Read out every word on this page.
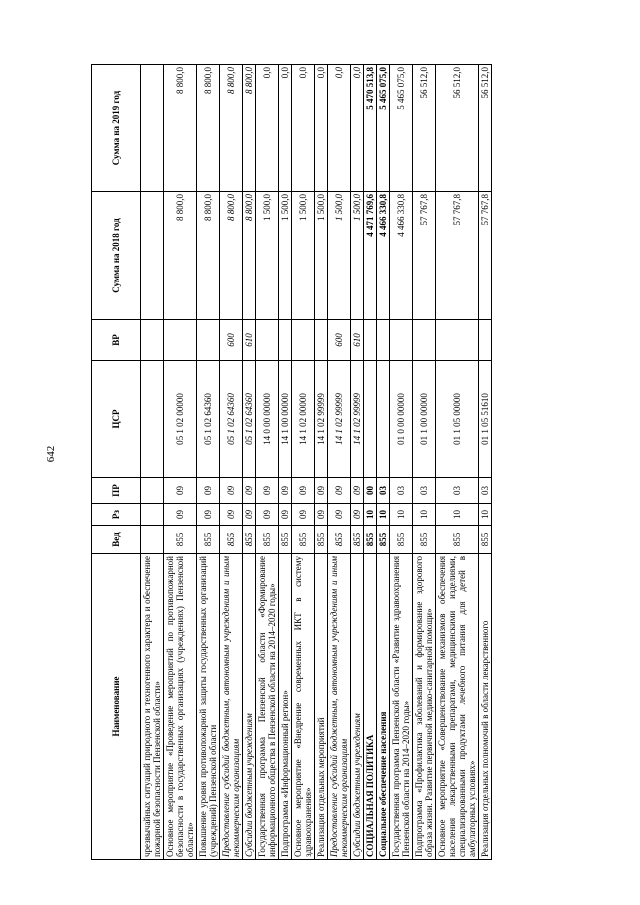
642
Наименование	Вед	Рз	ПР	ЦСР	ВР	Сумма на 2018 год	Сумма на 2019 год
чрезвычайных ситуаций природного и техногенного характера и обеспечение пожарной безопасности Пензенской области»							
Основное мероприятие «Проведение мероприятий по противопожарной безопасности в государственных организациях (учреждениях) Пензенской области»	855	09	09	05 1 02 00000		8 800,0	8 800,0
Повышение уровня противопожарной защиты государственных организаций (учреждений) Пензенской области	855	09	09	05 1 02 64360		8 800,0	8 800,0
Предоставление субсидий бюджетным, автономным учреждениям и иным некоммерческим организациям	855	09	09	05 1 02 64360	600	8 800,0	8 800,0
Субсидии бюджетным учреждениям	855	09	09	05 1 02 64360	610	8 800,0	8 800,0
Государственная программа Пензенской области «Формирование информационного общества в Пензенской области на 2014–2020 годы»	855	09	09	14 0 00 00000		1 500,0	0,0
Подпрограмма «Информационный регион»	855	09	09	14 1 00 00000		1 500,0	0,0
Основное мероприятие «Внедрение современных ИКТ в систему здравоохранения»	855	09	09	14 1 02 00000		1 500,0	0,0
Реализация отдельных мероприятий	855	09	09	14 1 02 99999		1 500,0	0,0
Предоставление субсидий бюджетным, автономным учреждениям и иным некоммерческим организациям	855	09	09	14 1 02 99999	600	1 500,0	0,0
Субсидии бюджетным учреждениям	855	09	09	14 1 02 99999	610	1 500,0	0,0
СОЦИАЛЬНАЯ ПОЛИТИКА	855	10	00			4 471 769,6	5 470 513,8
Социальное обеспечение населения	855	10	03			4 466 330,8	5 465 075,0
Государственная программа Пензенской области «Развитие здравоохранения Пензенской области на 2014–2020 годы»	855	10	03	01 0 00 00000		4 466 330,8	5 465 075,0
Подпрограмма «Профилактика заболеваний и формирование здорового образа жизни. Развитие первичной медико-санитарной помощи»	855	10	03	01 1 00 00000		57 767,8	56 512,0
Основное мероприятие «Совершенствование механизмов обеспечения населения лекарственными препаратами, медицинскими изделиями, специализированными продуктами лечебного питания для детей в амбулаторных условиях»	855	10	03	01 1 05 00000		57 767,8	56 512,0
Реализация отдельных полномочий в области лекарственного	855	10	03	01 1 05 51610		57 767,8	56 512,0
